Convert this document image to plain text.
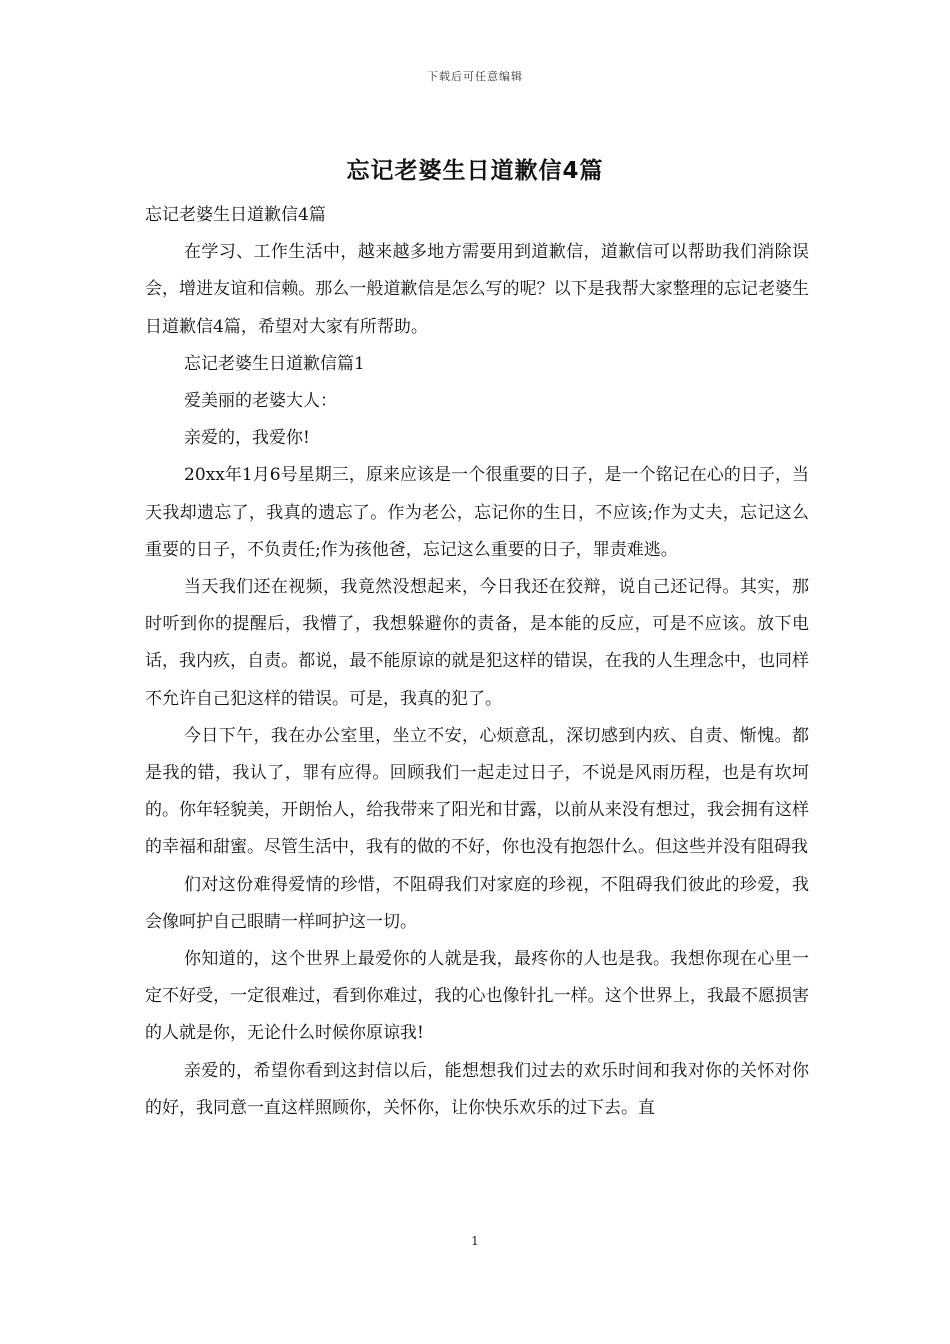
下载后可任意编辑
忘记老婆生日道歉信4篇

忘记老婆生日道歉信4篇

在学习、工作生活中，越来越多地方需要用到道歉信，道歉信可以帮助我们消除误会，增进友谊和信赖。那么一般道歉信是怎么写的呢？以下是我帮大家整理的忘记老婆生日道歉信4篇，希望对大家有所帮助。

忘记老婆生日道歉信篇1

爱美丽的老婆大人：

亲爱的，我爱你!

20xx年1月6号星期三，原来应该是一个很重要的日子，是一个铭记在心的日子，当天我却遗忘了，我真的遗忘了。作为老公，忘记你的生日，不应该;作为丈夫，忘记这么重要的日子，不负责任;作为孩他爸，忘记这么重要的日子，罪责难逃。

当天我们还在视频，我竟然没想起来，今日我还在狡辩，说自己还记得。其实，那时听到你的提醒后，我懵了，我想躲避你的责备，是本能的反应，可是不应该。放下电话，我内疚，自责。都说，最不能原谅的就是犯这样的错误，在我的人生理念中，也同样不允许自己犯这样的错误。可是，我真的犯了。

今日下午，我在办公室里，坐立不安，心烦意乱，深切感到内疚、自责、惭愧。都是我的错，我认了，罪有应得。回顾我们一起走过日子，不说是风雨历程，也是有坎坷的。你年轻貌美，开朗怡人，给我带来了阳光和甘露，以前从来没有想过，我会拥有这样的幸福和甜蜜。尽管生活中，我有的做的不好，你也没有抱怨什么。但这些并没有阻碍我

们对这份难得爱情的珍惜，不阻碍我们对家庭的珍视，不阻碍我们彼此的珍爱，我会像呵护自己眼睛一样呵护这一切。

你知道的，这个世界上最爱你的人就是我，最疼你的人也是我。我想你现在心里一定不好受，一定很难过，看到你难过，我的心也像针扎一样。这个世界上，我最不愿损害的人就是你，无论什么时候你原谅我!

亲爱的，希望你看到这封信以后，能想想我们过去的欢乐时间和我对你的关怀对你的好，我同意一直这样照顾你，关怀你，让你快乐欢乐的过下去。直

1
